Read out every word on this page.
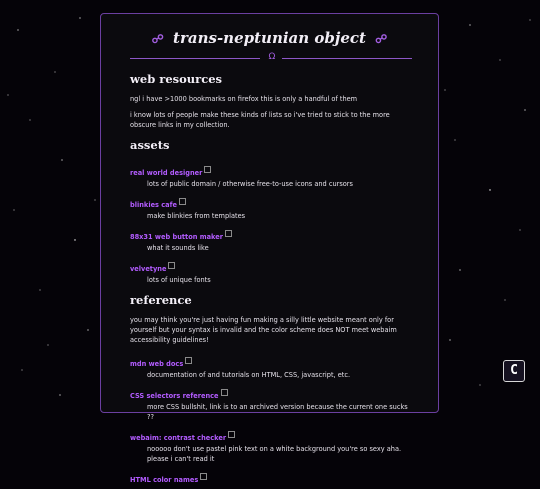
☍ trans-neptunian object ☍
Ω
web resources

ngl i have >1000 bookmarks on firefox this is only a handful of them

i know lots of people make these kinds of lists so i've tried to stick to the more obscure links in my collection.

assets
real world designer
lots of public domain / otherwise free-to-use icons and cursors
blinkies cafe
make blinkies from templates
88x31 web button maker
what it sounds like
velvetyne
lots of unique fonts
reference

you may think you're just having fun making a silly little website meant only for yourself but your syntax is invalid and the color scheme does NOT meet webaim accessibility guidelines!

mdn web docs
documentation of and tutorials on HTML, CSS, javascript, etc.
CSS selectors reference
more CSS bullshit, link is to an archived version because the current one sucks ??
webaim: contrast checker
nooooo don't use pastel pink text on a white background you're so sexy aha.
please i can't read it
HTML color names
C
